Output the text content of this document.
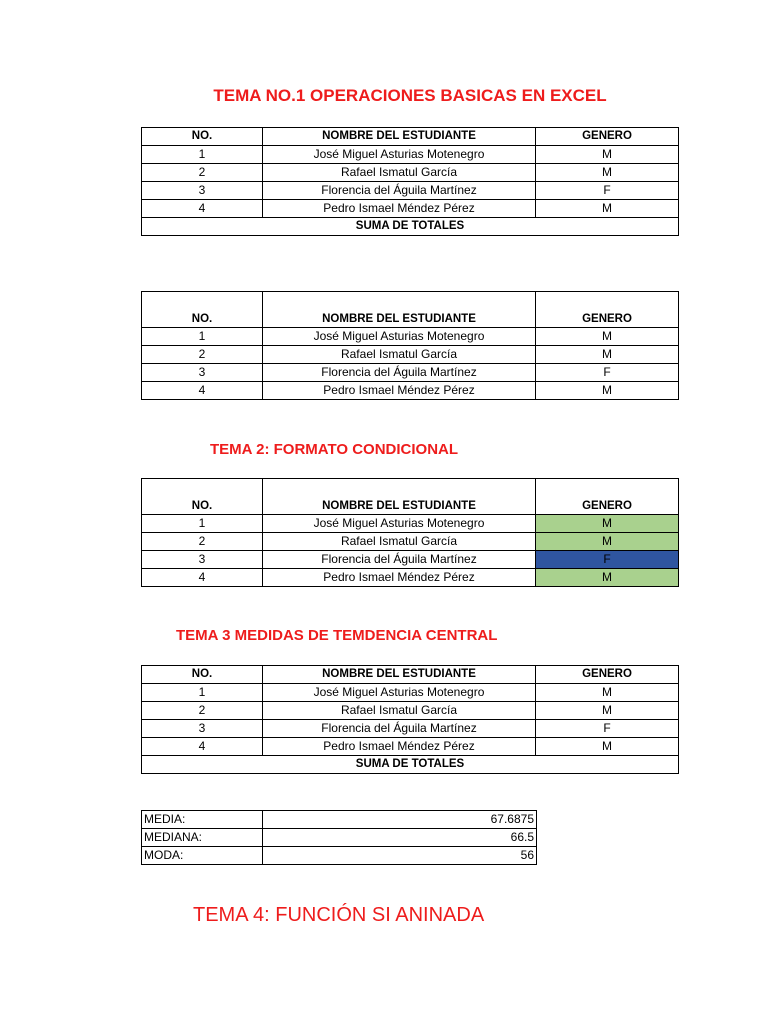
TEMA NO.1 OPERACIONES BASICAS EN EXCEL
NO.	NOMBRE DEL ESTUDIANTE	GENERO
1	José Miguel Asturias Motenegro	M
2	Rafael Ismatul García	M
3	Florencia del Águila Martínez	F
4	Pedro Ismael Méndez Pérez	M
SUMA DE TOTALES		
NO.	NOMBRE DEL ESTUDIANTE	GENERO
1	José Miguel Asturias Motenegro	M
2	Rafael Ismatul García	M
3	Florencia del Águila Martínez	F
4	Pedro Ismael Méndez Pérez	M
TEMA 2: FORMATO CONDICIONAL
NO.	NOMBRE DEL ESTUDIANTE	GENERO
1	José Miguel Asturias Motenegro	M
2	Rafael Ismatul García	M
3	Florencia del Águila Martínez	F
4	Pedro Ismael Méndez Pérez	M
TEMA 3 MEDIDAS DE TEMDENCIA CENTRAL
NO.	NOMBRE DEL ESTUDIANTE	GENERO
1	José Miguel Asturias Motenegro	M
2	Rafael Ismatul García	M
3	Florencia del Águila Martínez	F
4	Pedro Ismael Méndez Pérez	M
SUMA DE TOTALES		
MEDIA:	67.6875
MEDIANA:	66.5
MODA:	56
TEMA 4: FUNCIÓN SI ANINADA
